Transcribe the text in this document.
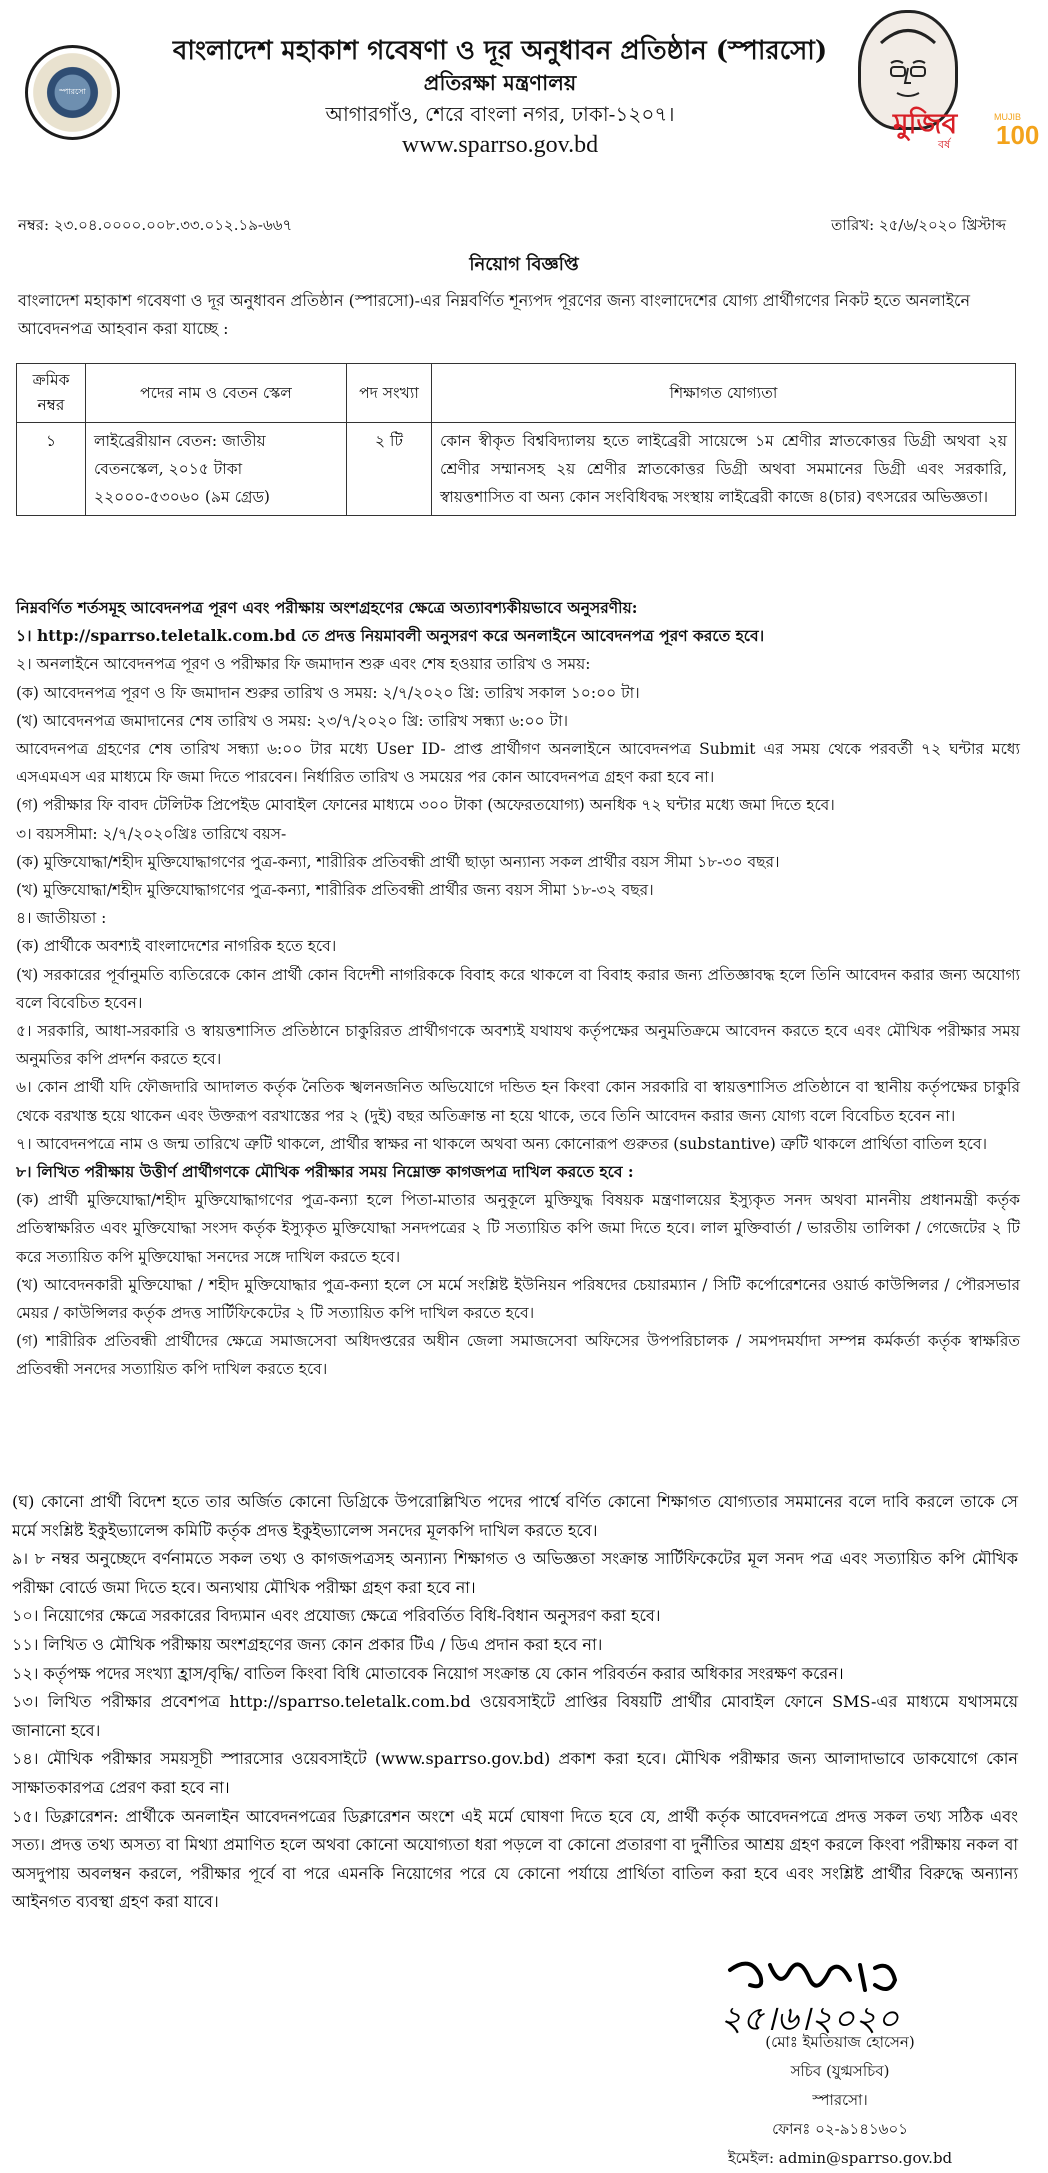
স্পারসো
বাংলাদেশ মহাকাশ গবেষণা ও দূর অনুধাবন প্রতিষ্ঠান (স্পারসো)
প্রতিরক্ষা মন্ত্রণালয়
আগারগাঁও, শেরে বাংলা নগর, ঢাকা-১২০৭।
www.sparrso.gov.bd
মুজিব
বর্ষ
MUJIB
100
নম্বর: ২৩.০৪.০০০০.০০৮.৩৩.০১২.১৯-৬৬৭	তারিখ: ২৫/৬/২০২০ খ্রিস্টাব্দ
নিয়োগ বিজ্ঞপ্তি
বাংলাদেশ মহাকাশ গবেষণা ও দূর অনুধাবন প্রতিষ্ঠান (স্পারসো)-এর নিম্নবর্ণিত শূন্যপদ পূরণের জন্য বাংলাদেশের যোগ্য প্রার্থীগণের নিকট হতে অনলাইনে আবেদনপত্র আহবান করা যাচ্ছে :
ক্রমিক নম্বর	পদের নাম ও বেতন স্কেল	পদ সংখ্যা	শিক্ষাগত যোগ্যতা
১	লাইব্রেরীয়ান বেতন: জাতীয় বেতনস্কেল, ২০১৫ টাকা ২২০০০-৫৩০৬০ (৯ম গ্রেড)	২ টি	কোন স্বীকৃত বিশ্ববিদ্যালয় হতে লাইব্রেরী সায়েন্সে ১ম শ্রেণীর স্নাতকোত্তর ডিগ্রী অথবা ২য় শ্রেণীর সম্মানসহ ২য় শ্রেণীর স্নাতকোত্তর ডিগ্রী অথবা সমমানের ডিগ্রী এবং সরকারি, স্বায়ত্তশাসিত বা অন্য কোন সংবিধিবদ্ধ সংস্থায় লাইব্রেরী কাজে ৪(চার) বৎসরের অভিজ্ঞতা।

নিম্নবর্ণিত শর্তসমূহ আবেদনপত্র পূরণ এবং পরীক্ষায় অংশগ্রহণের ক্ষেত্রে অত্যাবশ্যকীয়ভাবে অনুসরণীয়:

১। http://sparrso.teletalk.com.bd তে প্রদত্ত নিয়মাবলী অনুসরণ করে অনলাইনে আবেদনপত্র পূরণ করতে হবে।

২। অনলাইনে আবেদনপত্র পূরণ ও পরীক্ষার ফি জমাদান শুরু এবং শেষ হওয়ার তারিখ ও সময়:

(ক) আবেদনপত্র পূরণ ও ফি জমাদান শুরুর তারিখ ও সময়: ২/৭/২০২০ খ্রি: তারিখ সকাল ১০:০০ টা।

(খ) আবেদনপত্র জমাদানের শেষ তারিখ ও সময়: ২৩/৭/২০২০ খ্রি: তারিখ সন্ধ্যা ৬:০০ টা।

আবেদনপত্র গ্রহণের শেষ তারিখ সন্ধ্যা ৬:০০ টার মধ্যে User ID- প্রাপ্ত প্রার্থীগণ অনলাইনে আবেদনপত্র Submit এর সময় থেকে পরবর্তী ৭২ ঘন্টার মধ্যে এসএমএস এর মাধ্যমে ফি জমা দিতে পারবেন। নির্ধারিত তারিখ ও সময়ের পর কোন আবেদনপত্র গ্রহণ করা হবে না।

(গ) পরীক্ষার ফি বাবদ টেলিটক প্রিপেইড মোবাইল ফোনের মাধ্যমে ৩০০ টাকা (অফেরতযোগ্য) অনধিক ৭২ ঘন্টার মধ্যে জমা দিতে হবে।

৩। বয়সসীমা: ২/৭/২০২০খ্রিঃ তারিখে বয়স-

(ক) মুক্তিযোদ্ধা/শহীদ মুক্তিযোদ্ধাগণের পুত্র-কন্যা, শারীরিক প্রতিবন্ধী প্রার্থী ছাড়া অন্যান্য সকল প্রার্থীর বয়স সীমা ১৮-৩০ বছর।

(খ) মুক্তিযোদ্ধা/শহীদ মুক্তিযোদ্ধাগণের পুত্র-কন্যা, শারীরিক প্রতিবন্ধী প্রার্থীর জন্য বয়স সীমা ১৮-৩২ বছর।

৪। জাতীয়তা :

(ক) প্রার্থীকে অবশ্যই বাংলাদেশের নাগরিক হতে হবে।

(খ) সরকারের পূর্বানুমতি ব্যতিরেকে কোন প্রার্থী কোন বিদেশী নাগরিককে বিবাহ করে থাকলে বা বিবাহ করার জন্য প্রতিজ্ঞাবদ্ধ হলে তিনি আবেদন করার জন্য অযোগ্য বলে বিবেচিত হবেন।

৫। সরকারি, আধা-সরকারি ও স্বায়ত্তশাসিত প্রতিষ্ঠানে চাকুরিরত প্রার্থীগণকে অবশ্যই যথাযথ কর্তৃপক্ষের অনুমতিক্রমে আবেদন করতে হবে এবং মৌখিক পরীক্ষার সময় অনুমতির কপি প্রদর্শন করতে হবে।

৬। কোন প্রার্থী যদি ফৌজদারি আদালত কর্তৃক নৈতিক স্খলনজনিত অভিযোগে দন্ডিত হন কিংবা কোন সরকারি বা স্বায়ত্তশাসিত প্রতিষ্ঠানে বা স্থানীয় কর্তৃপক্ষের চাকুরি থেকে বরখাস্ত হয়ে থাকেন এবং উক্তরূপ বরখাস্তের পর ২ (দুই) বছর অতিক্রান্ত না হয়ে থাকে, তবে তিনি আবেদন করার জন্য যোগ্য বলে বিবেচিত হবেন না।

৭। আবেদনপত্রে নাম ও জন্ম তারিখে ত্রুটি থাকলে, প্রার্থীর স্বাক্ষর না থাকলে অথবা অন্য কোনোরূপ গুরুতর (substantive) ত্রুটি থাকলে প্রার্থিতা বাতিল হবে।

৮। লিখিত পরীক্ষায় উত্তীর্ণ প্রার্থীগণকে মৌখিক পরীক্ষার সময় নিম্নোক্ত কাগজপত্র দাখিল করতে হবে :

(ক) প্রার্থী মুক্তিযোদ্ধা/শহীদ মুক্তিযোদ্ধাগণের পুত্র-কন্যা হলে পিতা-মাতার অনুকূলে মুক্তিযুদ্ধ বিষয়ক মন্ত্রণালয়ের ইস্যুকৃত সনদ অথবা মাননীয় প্রধানমন্ত্রী কর্তৃক প্রতিস্বাক্ষরিত এবং মুক্তিযোদ্ধা সংসদ কর্তৃক ইস্যুকৃত মুক্তিযোদ্ধা সনদপত্রের ২ টি সত্যায়িত কপি জমা দিতে হবে। লাল মুক্তিবার্তা / ভারতীয় তালিকা / গেজেটের ২ টি করে সত্যায়িত কপি মুক্তিযোদ্ধা সনদের সঙ্গে দাখিল করতে হবে।

(খ) আবেদনকারী মুক্তিযোদ্ধা / শহীদ মুক্তিযোদ্ধার পুত্র-কন্যা হলে সে মর্মে সংশ্লিষ্ট ইউনিয়ন পরিষদের চেয়ারম্যান / সিটি কর্পোরেশনের ওয়ার্ড কাউন্সিলর / পৌরসভার মেয়র / কাউন্সিলর কর্তৃক প্রদত্ত সার্টিফিকেটের ২ টি সত্যায়িত কপি দাখিল করতে হবে।

(গ) শারীরিক প্রতিবন্ধী প্রার্থীদের ক্ষেত্রে সমাজসেবা অধিদপ্তরের অধীন জেলা সমাজসেবা অফিসের উপপরিচালক / সমপদমর্যাদা সম্পন্ন কর্মকর্তা কর্তৃক স্বাক্ষরিত প্রতিবন্ধী সনদের সত্যায়িত কপি দাখিল করতে হবে।

(ঘ) কোনো প্রার্থী বিদেশ হতে তার অর্জিত কোনো ডিগ্রিকে উপরোল্লিখিত পদের পার্শ্বে বর্ণিত কোনো শিক্ষাগত যোগ্যতার সমমানের বলে দাবি করলে তাকে সে মর্মে সংশ্লিষ্ট ইকুইভ্যালেন্স কমিটি কর্তৃক প্রদত্ত ইকুইভ্যালেন্স সনদের মূলকপি দাখিল করতে হবে।

৯। ৮ নম্বর অনুচ্ছেদে বর্ণনামতে সকল তথ্য ও কাগজপত্রসহ অন্যান্য শিক্ষাগত ও অভিজ্ঞতা সংক্রান্ত সার্টিফিকেটের মূল সনদ পত্র এবং সত্যায়িত কপি মৌখিক পরীক্ষা বোর্ডে জমা দিতে হবে। অন্যথায় মৌখিক পরীক্ষা গ্রহণ করা হবে না।

১০। নিয়োগের ক্ষেত্রে সরকারের বিদ্যমান এবং প্রযোজ্য ক্ষেত্রে পরিবর্তিত বিধি-বিধান অনুসরণ করা হবে।

১১। লিখিত ও মৌখিক পরীক্ষায় অংশগ্রহণের জন্য কোন প্রকার টিএ / ডিএ প্রদান করা হবে না।

১২। কর্তৃপক্ষ পদের সংখ্যা হ্রাস/বৃদ্ধি/ বাতিল কিংবা বিধি মোতাবেক নিয়োগ সংক্রান্ত যে কোন পরিবর্তন করার অধিকার সংরক্ষণ করেন।

১৩। লিখিত পরীক্ষার প্রবেশপত্র http://sparrso.teletalk.com.bd ওয়েবসাইটে প্রাপ্তির বিষয়টি প্রার্থীর মোবাইল ফোনে SMS-এর মাধ্যমে যথাসময়ে জানানো হবে।

১৪। মৌখিক পরীক্ষার সময়সূচী স্পারসোর ওয়েবসাইটে (www.sparrso.gov.bd) প্রকাশ করা হবে। মৌখিক পরীক্ষার জন্য আলাদাভাবে ডাকযোগে কোন সাক্ষাতকারপত্র প্রেরণ করা হবে না।

১৫। ডিক্লারেশন: প্রার্থীকে অনলাইন আবেদনপত্রের ডিক্লারেশন অংশে এই মর্মে ঘোষণা দিতে হবে যে, প্রার্থী কর্তৃক আবেদনপত্রে প্রদত্ত সকল তথ্য সঠিক এবং সত্য। প্রদত্ত তথ্য অসত্য বা মিথ্যা প্রমাণিত হলে অথবা কোনো অযোগ্যতা ধরা পড়লে বা কোনো প্রতারণা বা দুর্নীতির আশ্রয় গ্রহণ করলে কিংবা পরীক্ষায় নকল বা অসদুপায় অবলম্বন করলে, পরীক্ষার পূর্বে বা পরে এমনকি নিয়োগের পরে যে কোনো পর্যায়ে প্রার্থিতা বাতিল করা হবে এবং সংশ্লিষ্ট প্রার্থীর বিরুদ্ধে অন্যান্য আইনগত ব্যবস্থা গ্রহণ করা যাবে।

২৫।৬।২০২০
(মোঃ ইমতিয়াজ হোসেন)
সচিব (যুগ্মসচিব)
স্পারসো।
ফোনঃ ০২-৯১৪১৬০১
ইমেইল: admin@sparrso.gov.bd
